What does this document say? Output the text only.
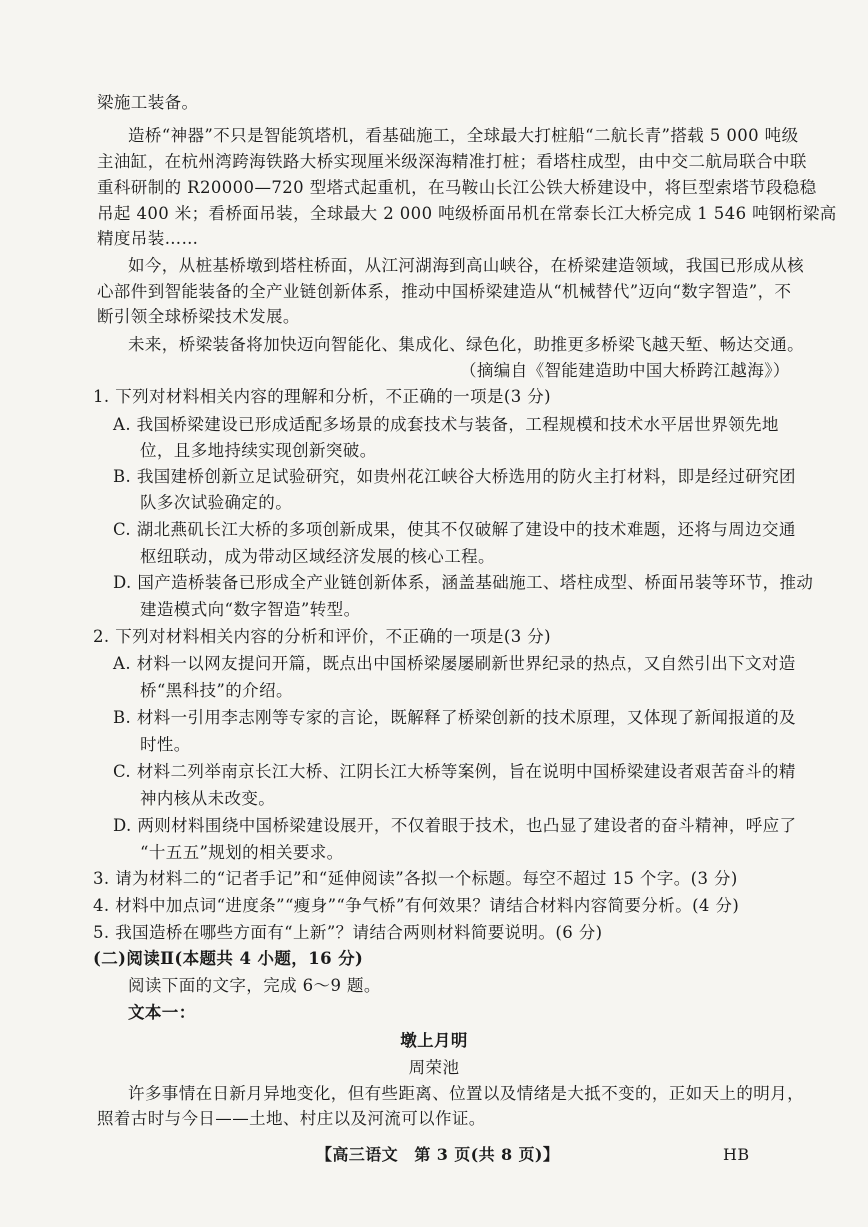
梁施工装备。
造桥“神器”不只是智能筑塔机，看基础施工，全球最大打桩船“二航长青”搭载 5 000 吨级
主油缸，在杭州湾跨海铁路大桥实现厘米级深海精准打桩；看塔柱成型，由中交二航局联合中联
重科研制的 R20000—720 型塔式起重机，在马鞍山长江公铁大桥建设中，将巨型索塔节段稳稳
吊起 400 米；看桥面吊装，全球最大 2 000 吨级桥面吊机在常泰长江大桥完成 1 546 吨钢桁梁高
精度吊装……
如今，从桩基桥墩到塔柱桥面，从江河湖海到高山峡谷，在桥梁建造领域，我国已形成从核
心部件到智能装备的全产业链创新体系，推动中国桥梁建造从“机械替代”迈向“数字智造”，不
断引领全球桥梁技术发展。
未来，桥梁装备将加快迈向智能化、集成化、绿色化，助推更多桥梁飞越天堑、畅达交通。
（摘编自《智能建造助中国大桥跨江越海》）
1. 下列对材料相关内容的理解和分析，不正确的一项是(3 分)
A. 我国桥梁建设已形成适配多场景的成套技术与装备，工程规模和技术水平居世界领先地
位，且多地持续实现创新突破。
B. 我国建桥创新立足试验研究，如贵州花江峡谷大桥选用的防火主打材料，即是经过研究团
队多次试验确定的。
C. 湖北燕矶长江大桥的多项创新成果，使其不仅破解了建设中的技术难题，还将与周边交通
枢纽联动，成为带动区域经济发展的核心工程。
D. 国产造桥装备已形成全产业链创新体系，涵盖基础施工、塔柱成型、桥面吊装等环节，推动
建造模式向“数字智造”转型。
2. 下列对材料相关内容的分析和评价，不正确的一项是(3 分)
A. 材料一以网友提问开篇，既点出中国桥梁屡屡刷新世界纪录的热点，又自然引出下文对造
桥“黑科技”的介绍。
B. 材料一引用李志刚等专家的言论，既解释了桥梁创新的技术原理，又体现了新闻报道的及
时性。
C. 材料二列举南京长江大桥、江阴长江大桥等案例，旨在说明中国桥梁建设者艰苦奋斗的精
神内核从未改变。
D. 两则材料围绕中国桥梁建设展开，不仅着眼于技术，也凸显了建设者的奋斗精神，呼应了
“十五五”规划的相关要求。
3. 请为材料二的“记者手记”和“延伸阅读”各拟一个标题。每空不超过 15 个字。(3 分)
4. 材料中加点词“进度条”“瘦身”“争气桥”有何效果？请结合材料内容简要分析。(4 分)
5. 我国造桥在哪些方面有“上新”？请结合两则材料简要说明。(6 分)
(二)阅读Ⅱ(本题共 4 小题，16 分)
阅读下面的文字，完成 6～9 题。
文本一：
墩上月明
周荣池
许多事情在日新月异地变化，但有些距离、位置以及情绪是大抵不变的，正如天上的明月，
照着古时与今日——土地、村庄以及河流可以作证。
【高三语文　第 3 页(共 8 页)】	HB
